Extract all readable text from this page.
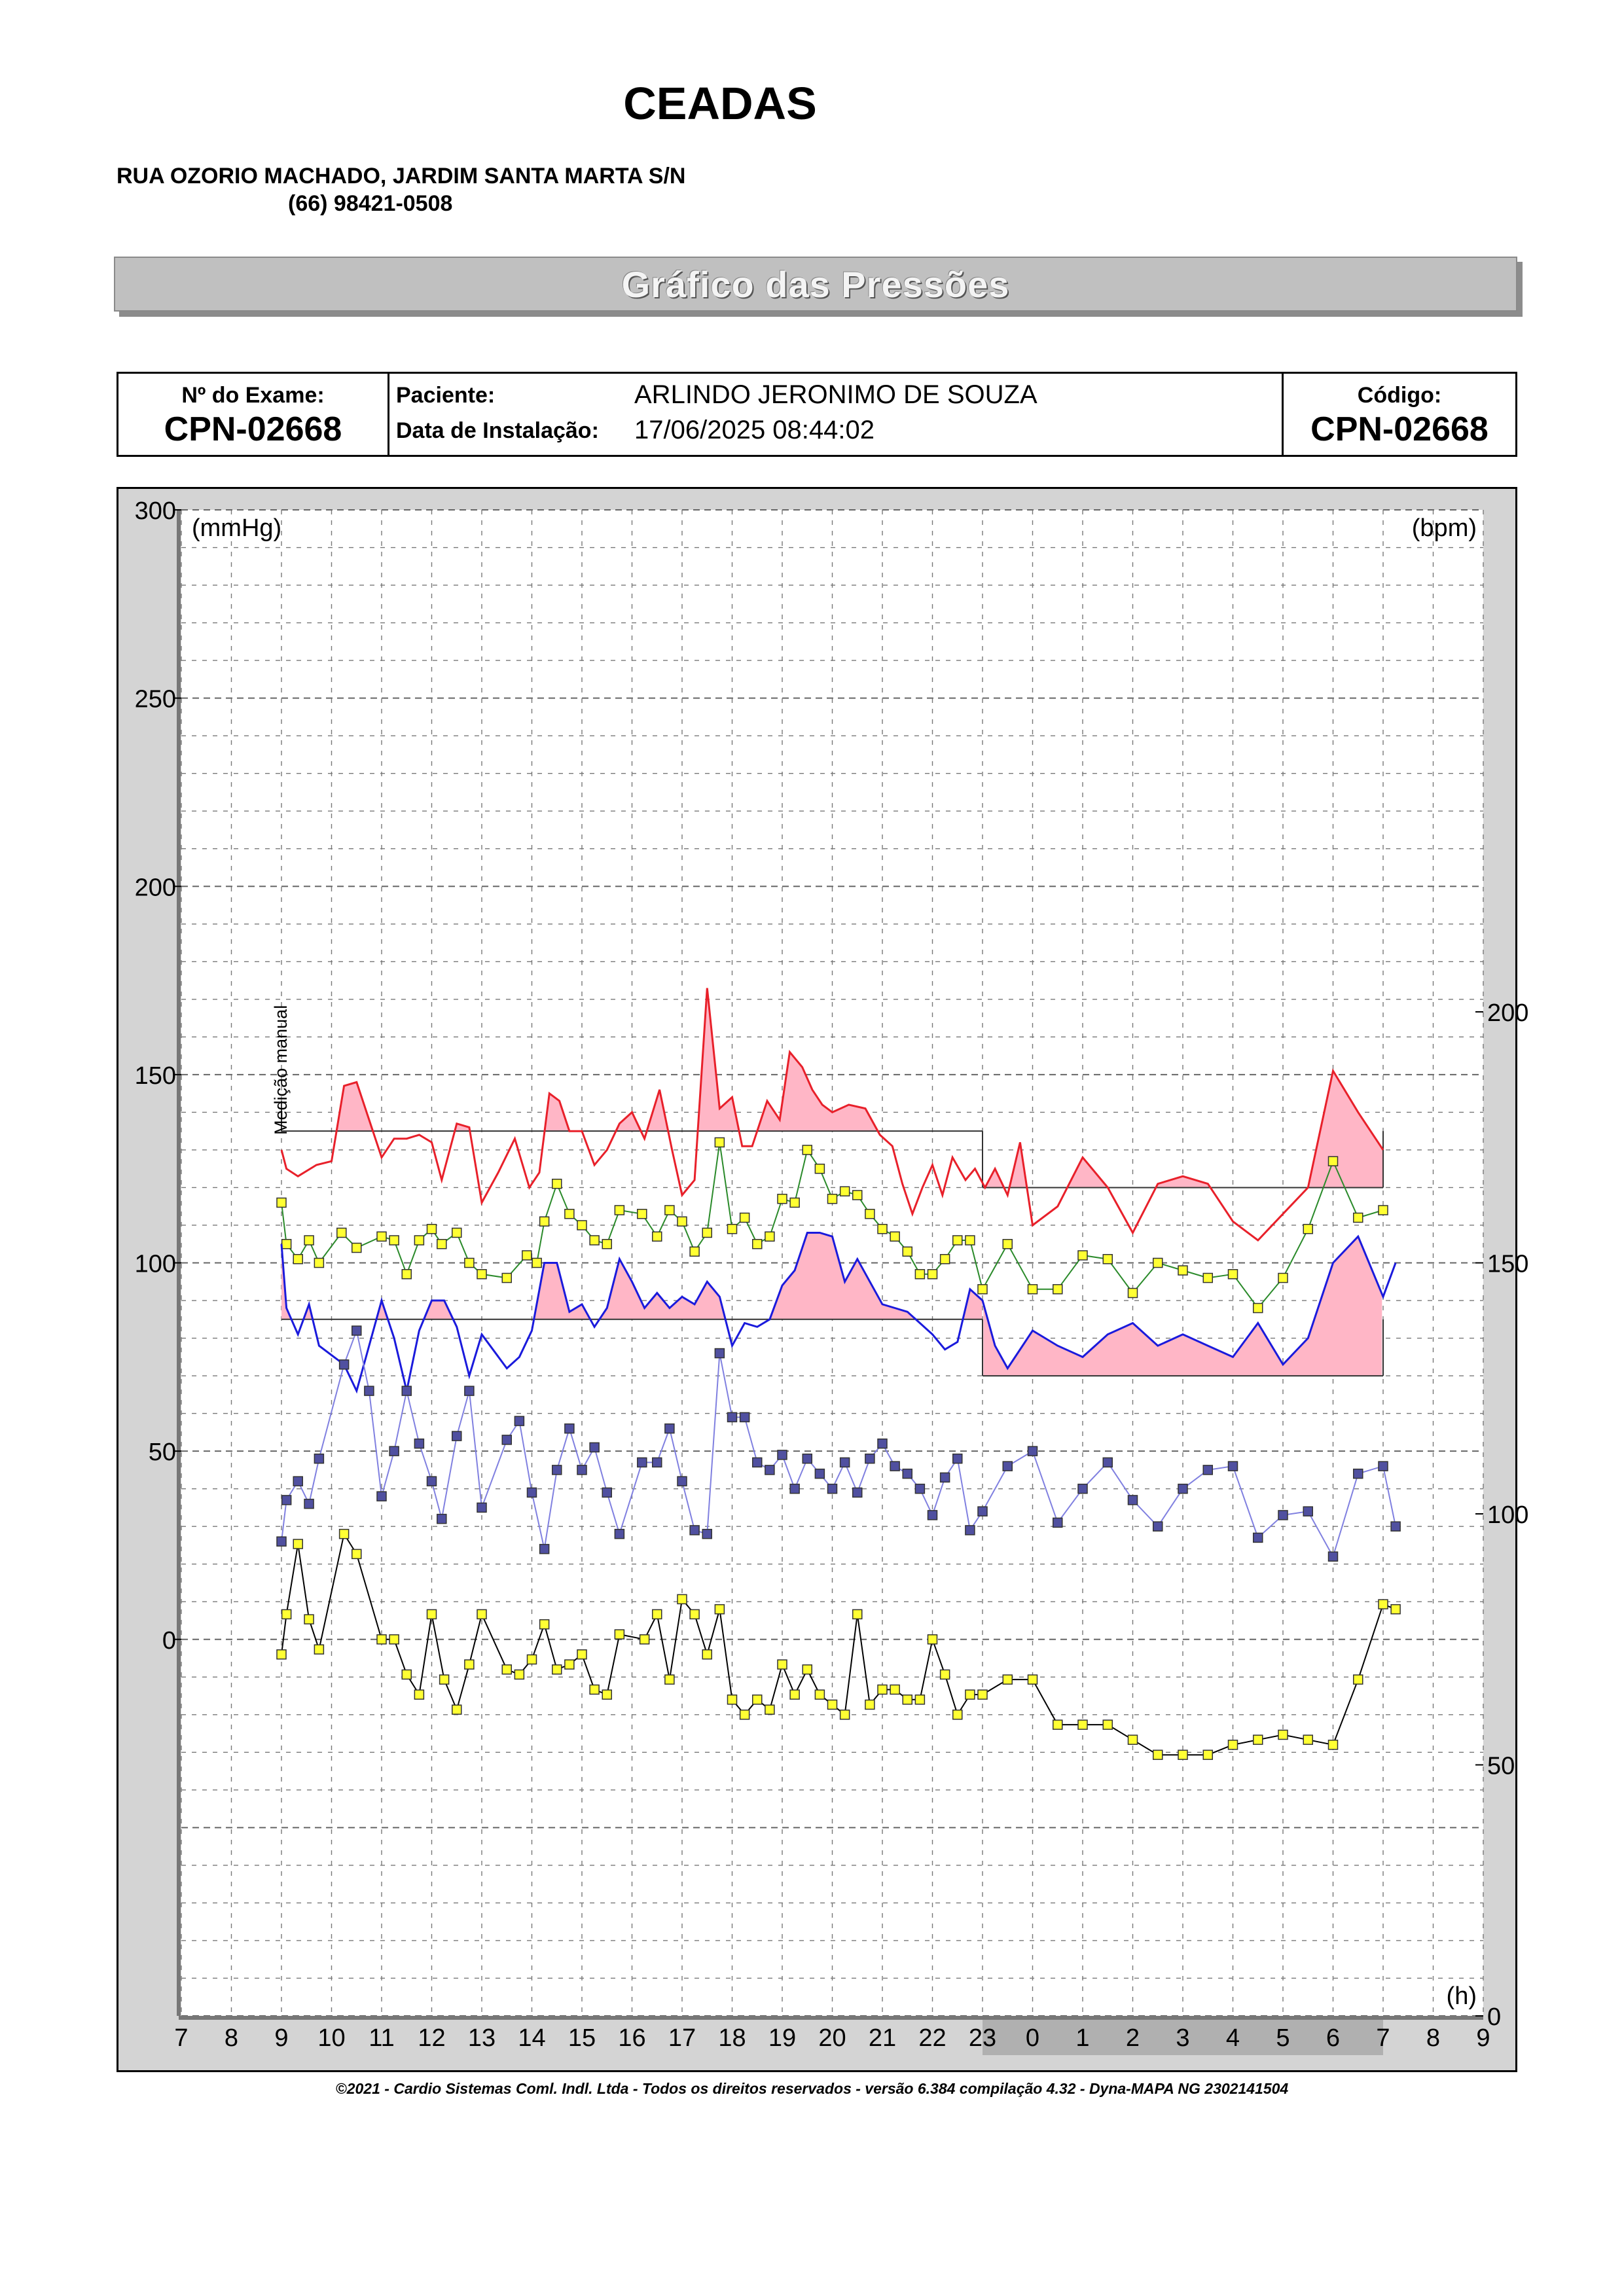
CEADAS
RUA OZORIO MACHADO, JARDIM SANTA MARTA S/N
(66) 98421-0508
Gráfico das Pressões
Nº do Exame:
CPN-02668
Paciente:	ARLINDO JERONIMO DE SOUZA
Data de Instalação: 17/06/2025 08:44:02
Código:
CPN-02668
300
250
200
150
100
50
0
200
150
100
50
0
(mmHg)	(bpm)
(h)
7 8 9 10 11 12 13 14 15 16 17 18 19 20 21 22 23 0 1 2 3 4 5 6 7 8 9
Medição manual
©2021 - Cardio Sistemas Coml. Indl. Ltda - Todos os direitos reservados - versão 6.384 compilação 4.32 - Dyna-MAPA NG 2302141504
